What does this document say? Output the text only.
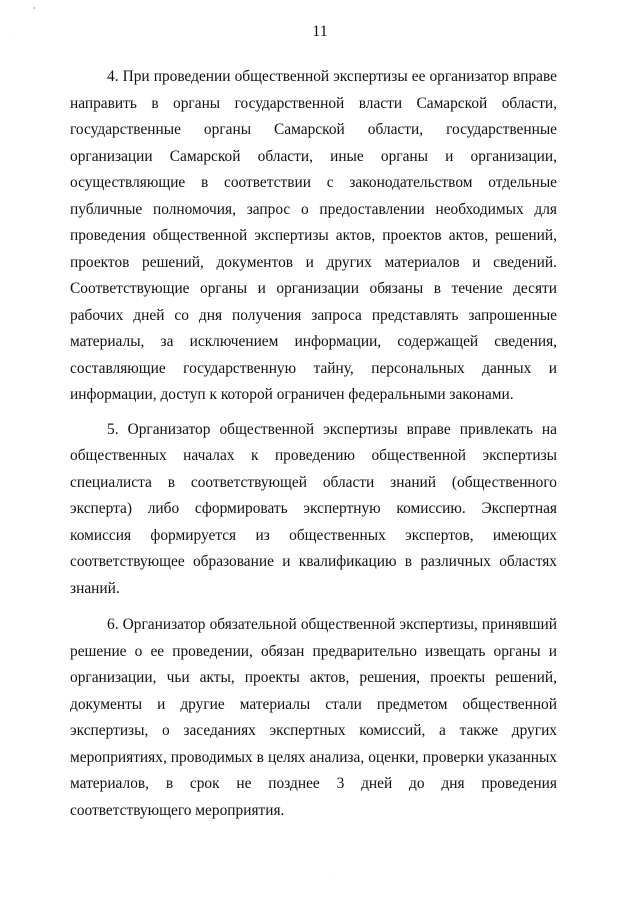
11

4. При проведении общественной экспертизы ее организатор вправе направить в органы государственной власти Самарской области, государственные органы Самарской области, государственные организации Самарской области, иные органы и организации, осуществляющие в соответствии с законодательством отдельные публичные полномочия, запрос о предоставлении необходимых для проведения общественной экспертизы актов, проектов актов, решений, проектов решений, документов и других материалов и сведений. Соответствующие органы и организации обязаны в течение десяти рабочих дней со дня получения запроса представлять запрошенные материалы, за исключением информации, содержащей сведения, составляющие государственную тайну, персональных данных и информации, доступ к которой ограничен федеральными законами.

5. Организатор общественной экспертизы вправе привлекать на общественных началах к проведению общественной экспертизы специалиста в соответствующей области знаний (общественного эксперта) либо сформировать экспертную комиссию. Экспертная комиссия формируется из общественных экспертов, имеющих соответствующее образование и квалификацию в различных областях знаний.

6. Организатор обязательной общественной экспертизы, принявший решение о ее проведении, обязан предварительно извещать органы и организации, чьи акты, проекты актов, решения, проекты решений, документы и другие материалы стали предметом общественной экспертизы, о заседаниях экспертных комиссий, а также других мероприятиях, проводимых в целях анализа, оценки, проверки указанных материалов, в срок не позднее 3 дней до дня проведения соответствующего мероприятия.
